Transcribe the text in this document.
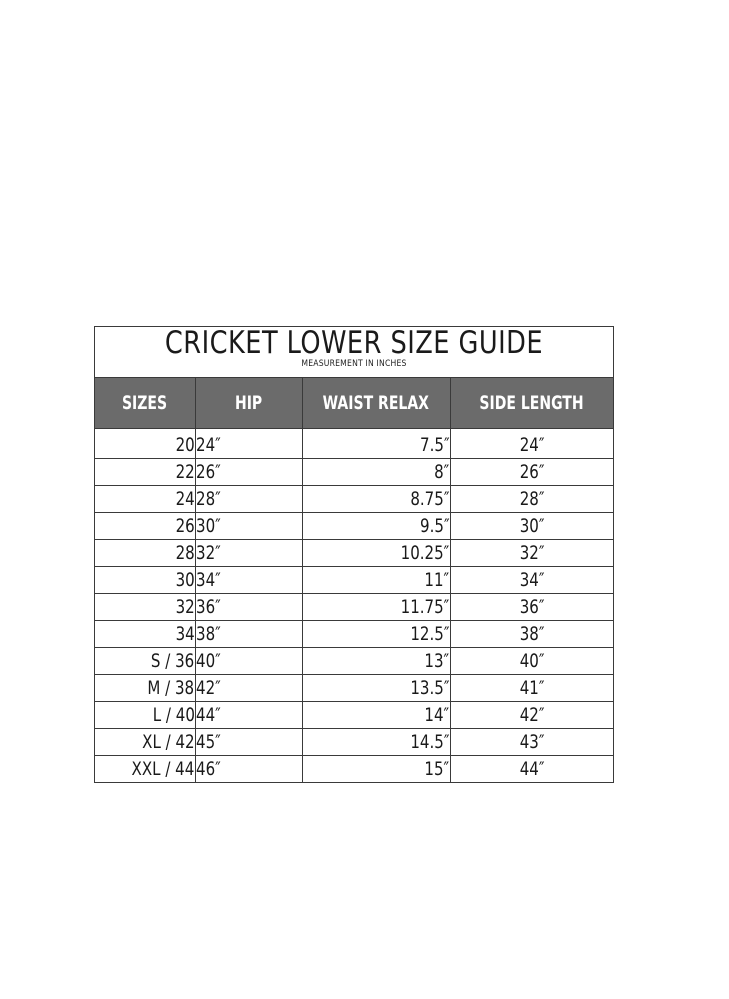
CRICKET LOWER SIZE GUIDE
MEASUREMENT IN INCHES
SIZES	HIP	WAIST RELAX	SIDE LENGTH

20	24″	7.5″	24″
22	26″	8″	26″
24	28″	8.75″	28″
26	30″	9.5″	30″
28	32″	10.25″	32″
30	34″	11″	34″
32	36″	11.75″	36″
34	38″	12.5″	38″
S / 36	40″	13″	40″
M / 38	42″	13.5″	41″
L / 40	44″	14″	42″
XL / 42	45″	14.5″	43″
XXL / 44	46″	15″	44″
